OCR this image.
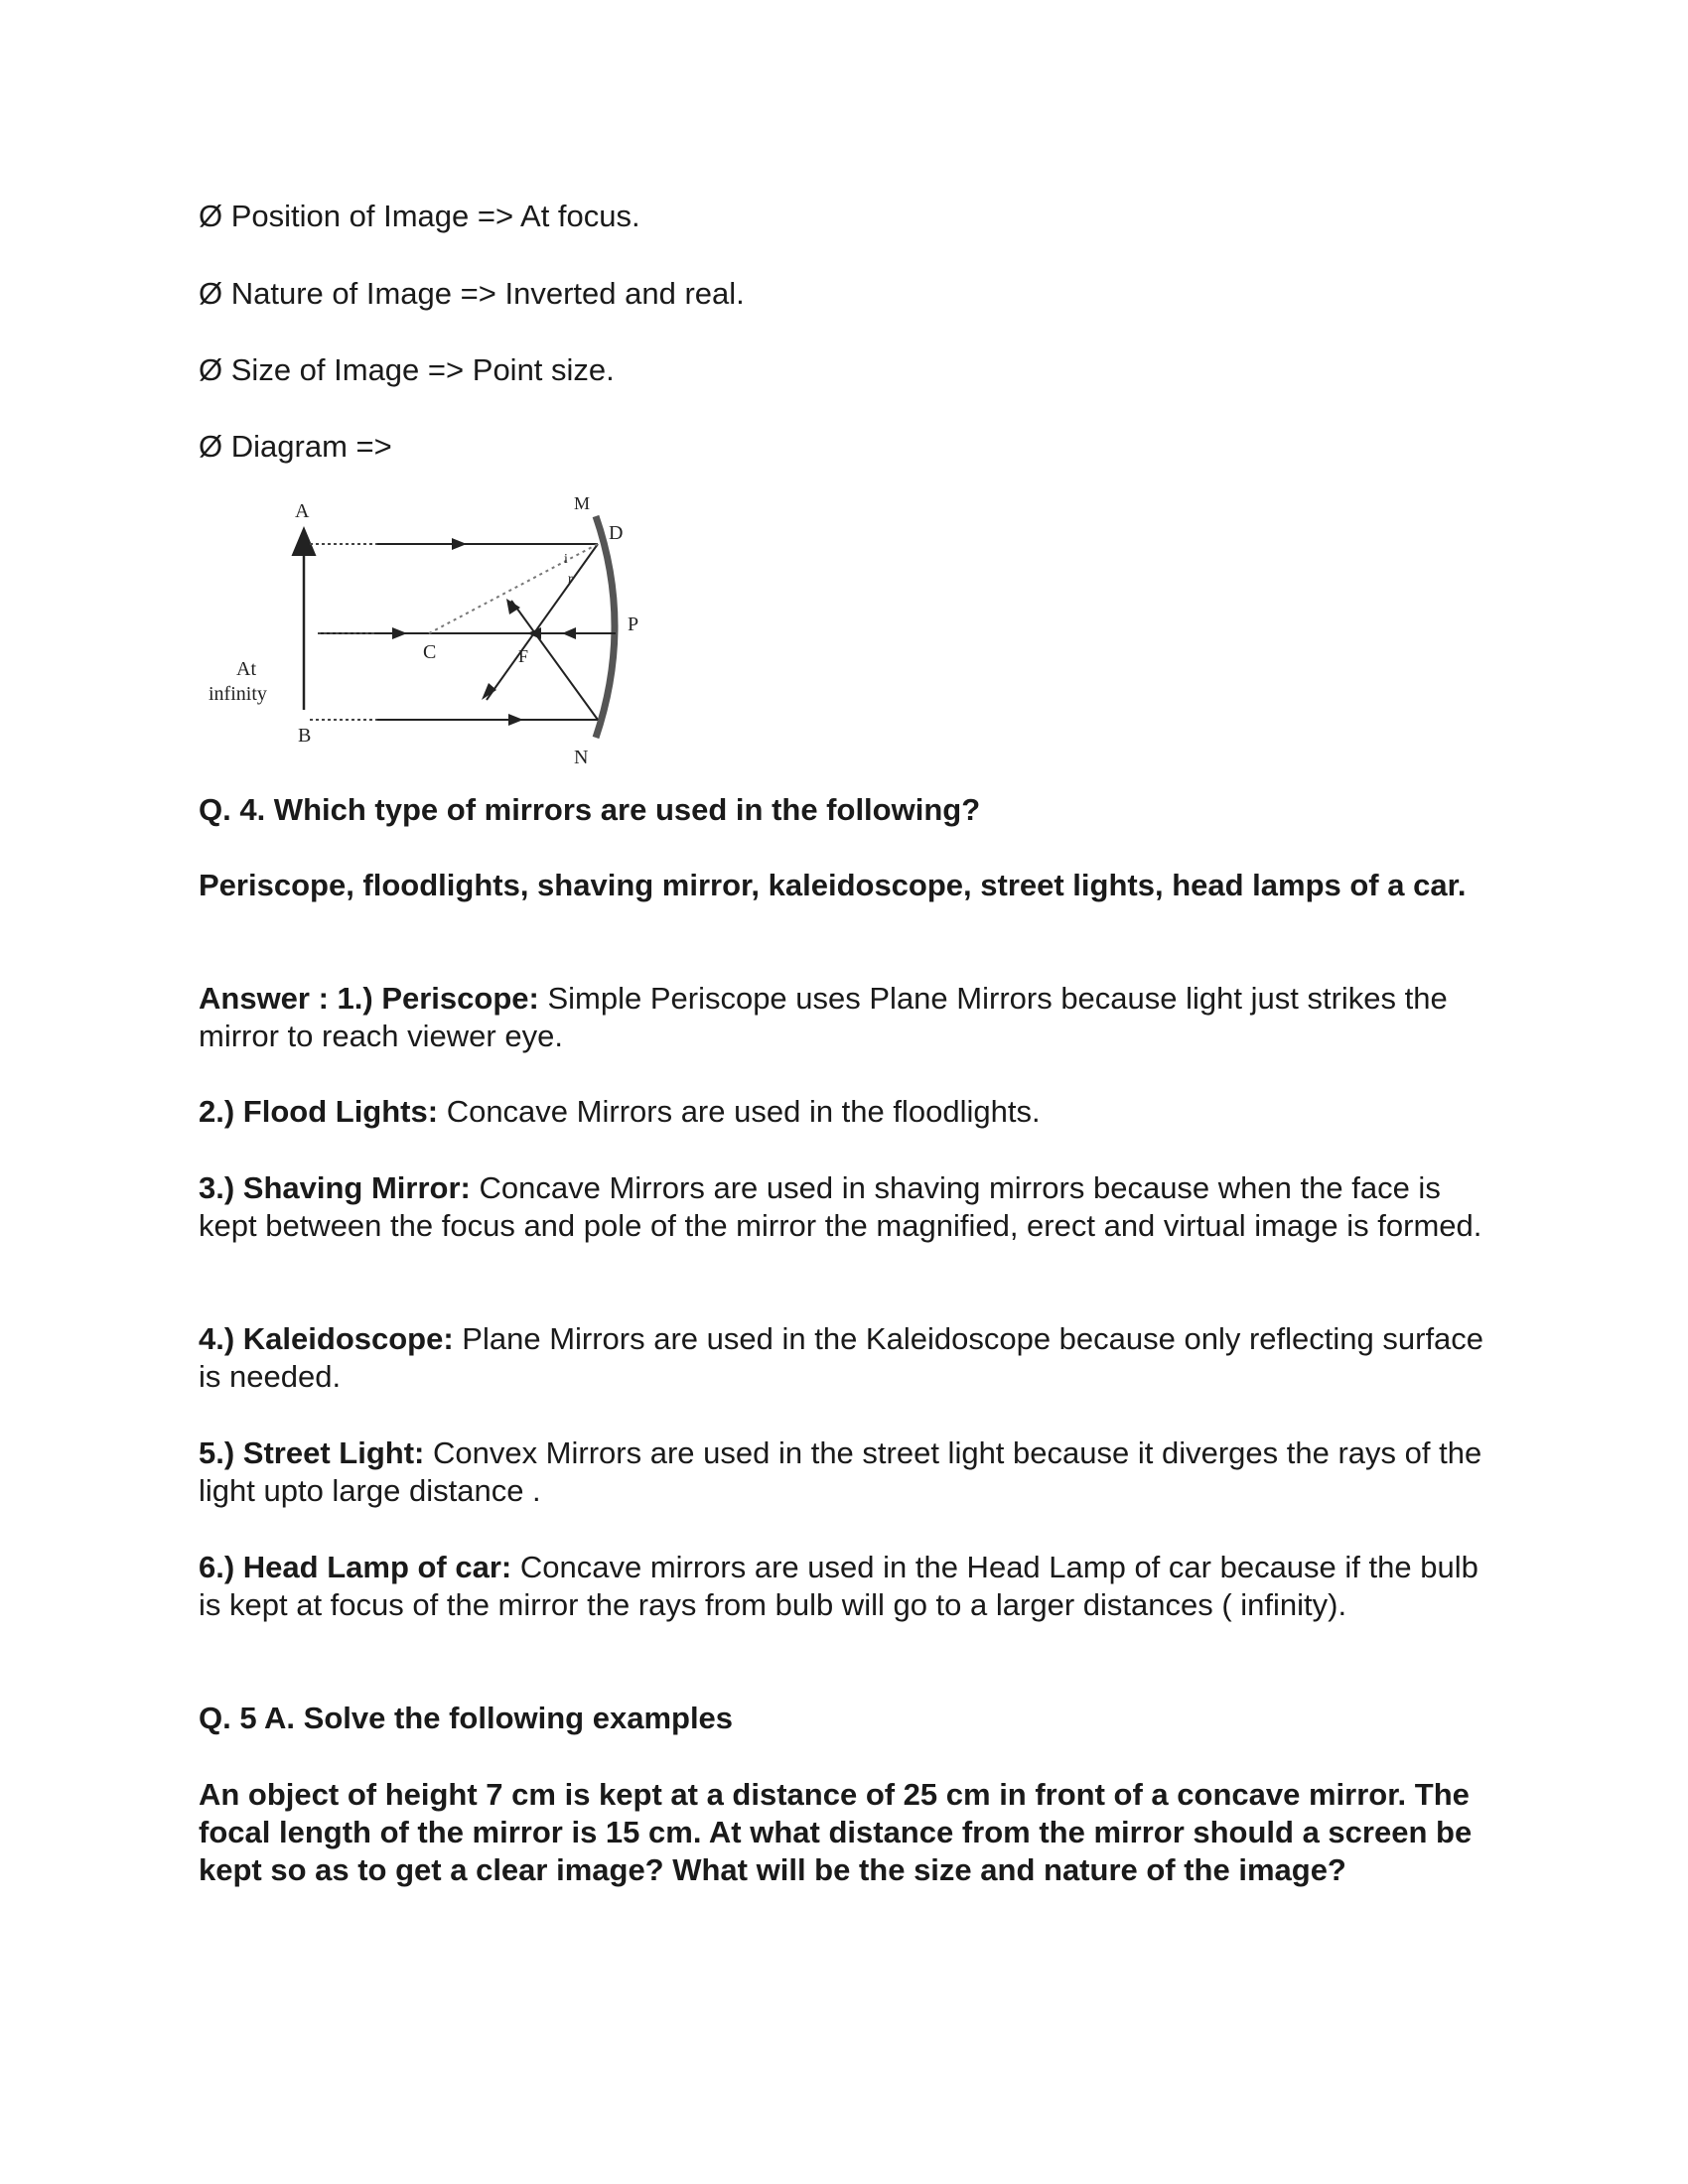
Ø Position of Image => At focus.
Ø Nature of Image => Inverted and real.
Ø Size of Image => Point size.
Ø Diagram =>
A
B
M
D
P
N
C	F
i
r
At
infinity
Q. 4. Which type of mirrors are used in the following?
Periscope, floodlights, shaving mirror, kaleidoscope, street lights, head lamps of a car.
Answer : 1.) Periscope: Simple Periscope uses Plane Mirrors because light just strikes the mirror to reach viewer eye.
2.) Flood Lights: Concave Mirrors are used in the floodlights.
3.) Shaving Mirror: Concave Mirrors are used in shaving mirrors because when the face is kept between the focus and pole of the mirror the magnified, erect and virtual image is formed.
4.) Kaleidoscope: Plane Mirrors are used in the Kaleidoscope because only reflecting surface is needed.
5.) Street Light: Convex Mirrors are used in the street light because it diverges the rays of the light upto large distance .
6.) Head Lamp of car: Concave mirrors are used in the Head Lamp of car because if the bulb is kept at focus of the mirror the rays from bulb will go to a larger distances ( infinity).
Q. 5 A. Solve the following examples
An object of height 7 cm is kept at a distance of 25 cm in front of a concave mirror. The focal length of the mirror is 15 cm. At what distance from the mirror should a screen be kept so as to get a clear image? What will be the size and nature of the image?
